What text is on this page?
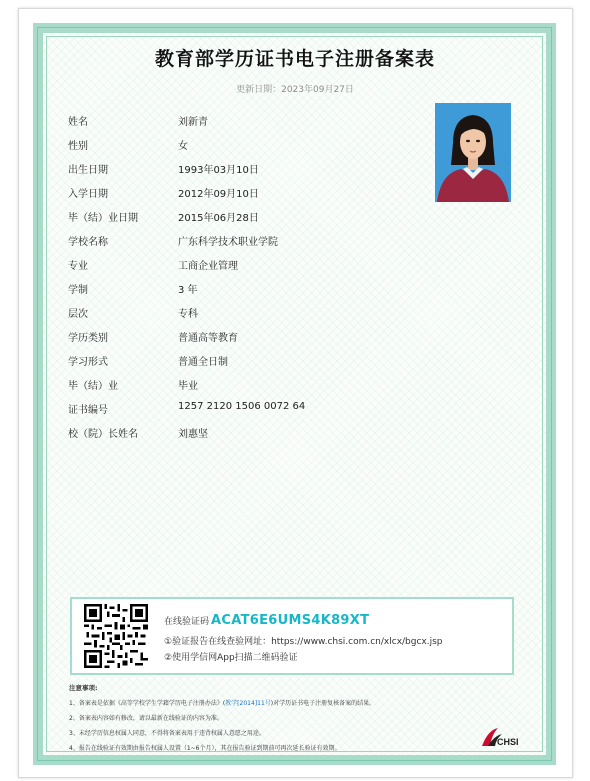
教育部学历证书电子注册备案表
更新日期：2023年09月27日
姓名	刘新青
性别	女
出生日期	1993年03月10日
入学日期	2012年09月10日
毕（结）业日期	2015年06月28日
学校名称	广东科学技术职业学院
专业	工商企业管理
学制	3 年
层次	专科
学历类别	普通高等教育
学习形式	普通全日制
毕（结）业	毕业
证书编号	1257 2120 1506 0072 64
校（院）长姓名	刘惠坚
在线验证码 ACAT6E6UMS4K89XT
①验证报告在线查验网址：https://www.chsi.com.cn/xlcx/bgcx.jsp
②使用学信网App扫描二维码验证
注意事项:
1、备案表是依据《高等学校学生学籍学历电子注册办法》(教学[2014]11号)对学历证书电子注册复核备案的结果。
2、备案表内容如有修改，请以最新在线验证的内容为准。
3、未经学历信息权属人同意，不得将备案表用于违背权属人意愿之用途。
4、报告在线验证有效期由报告权属人设置（1~6个月），其在报告验证到期前可再次延长验证有效期。
CHSI
